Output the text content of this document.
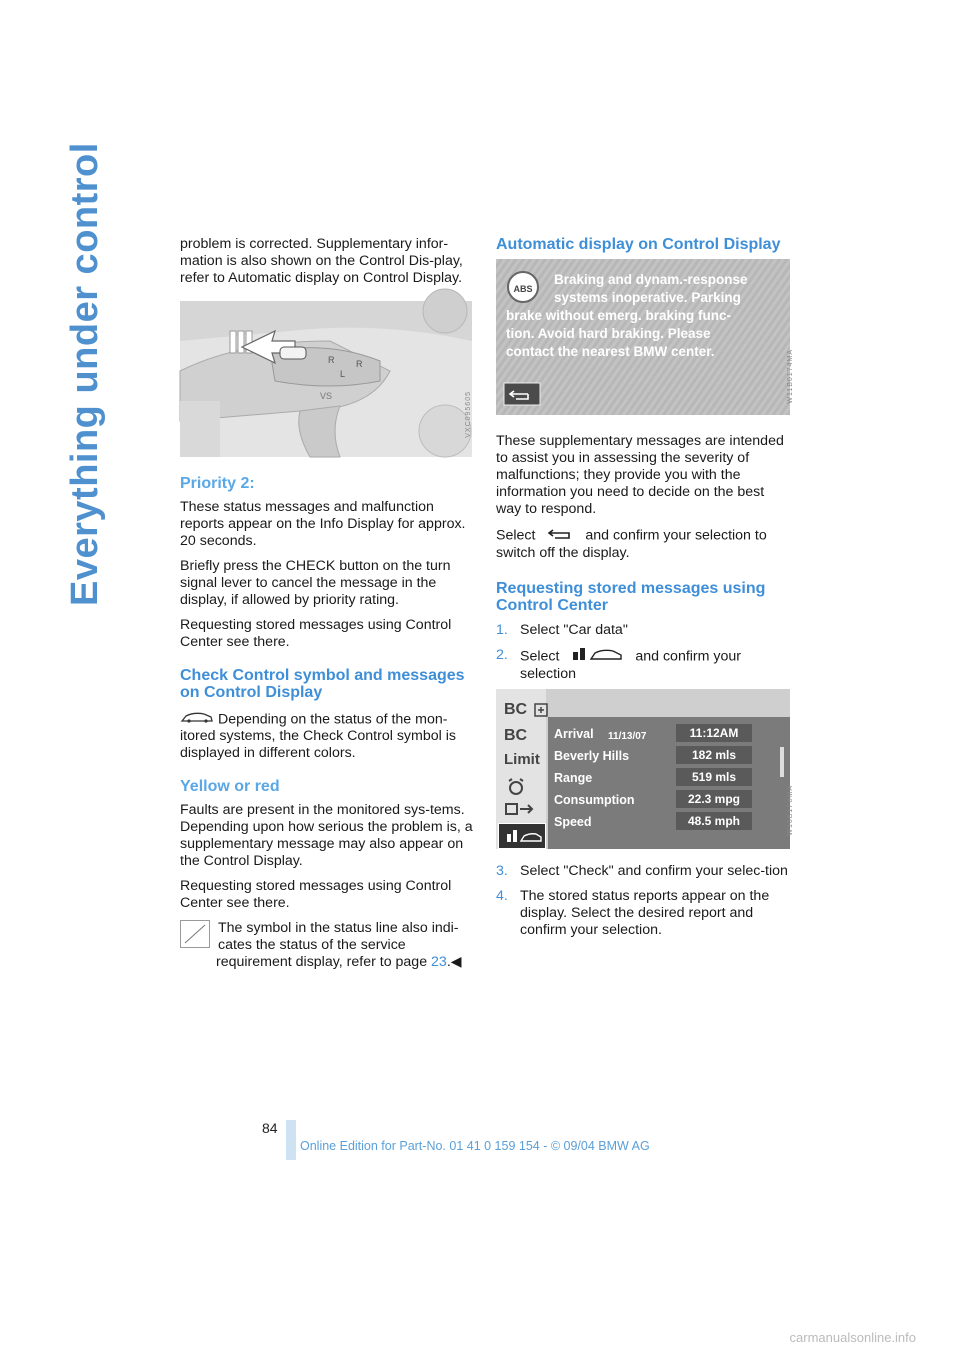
Everything under control	problem is corrected. Supplementary infor-mation is also shown on the Control Dis-play, refer to Automatic display on Control Display.

R R
L
VS	VXC095605
Priority 2:

These status messages and malfunction reports appear on the Info Display for approx. 20 seconds.

Briefly press the CHECK button on the turn signal lever to cancel the message in the display, if allowed by priority rating.

Requesting stored messages using Control Center see there.

Check Control symbol and messages on Control Display

Depending on the status of the mon-itored systems, the Check Control symbol is displayed in different colors.

Yellow or red

Faults are present in the monitored sys-tems. Depending upon how serious the problem is, a supplementary message may also appear on the Control Display.

Requesting stored messages using Control Center see there.

The symbol in the status line also indi-cates the status of the service requirement display, refer to page 23.◀

Automatic display on Control Display
ABS
Braking and dynam.-response
systems inoperative. Parking
brake without emerg. braking func-
tion. Avoid hard braking. Please
contact the nearest BMW center.	W11B0174MA

These supplementary messages are intended to assist you in assessing the severity of malfunctions; they provide you with the information you need to decide on the best way to respond.

Select	and confirm your selection to switch off the display.

Requesting stored messages using Control Center
1. Select "Car data"
2. Select	and confirm your selection
BC
BC
Limit
Arrival 11/13/07	11:12AM
Beverly Hills	182 mls
Range	519 mls
Consumption	22.3 mpg
Speed	48.5 mph	W16B1F8MA
3. Select "Check" and confirm your selec-tion
4. The stored status reports appear on the display. Select the desired report and confirm your selection.
84
Online Edition for Part-No. 01 41 0 159 154 - © 09/04 BMW AG
carmanualsonline.info
